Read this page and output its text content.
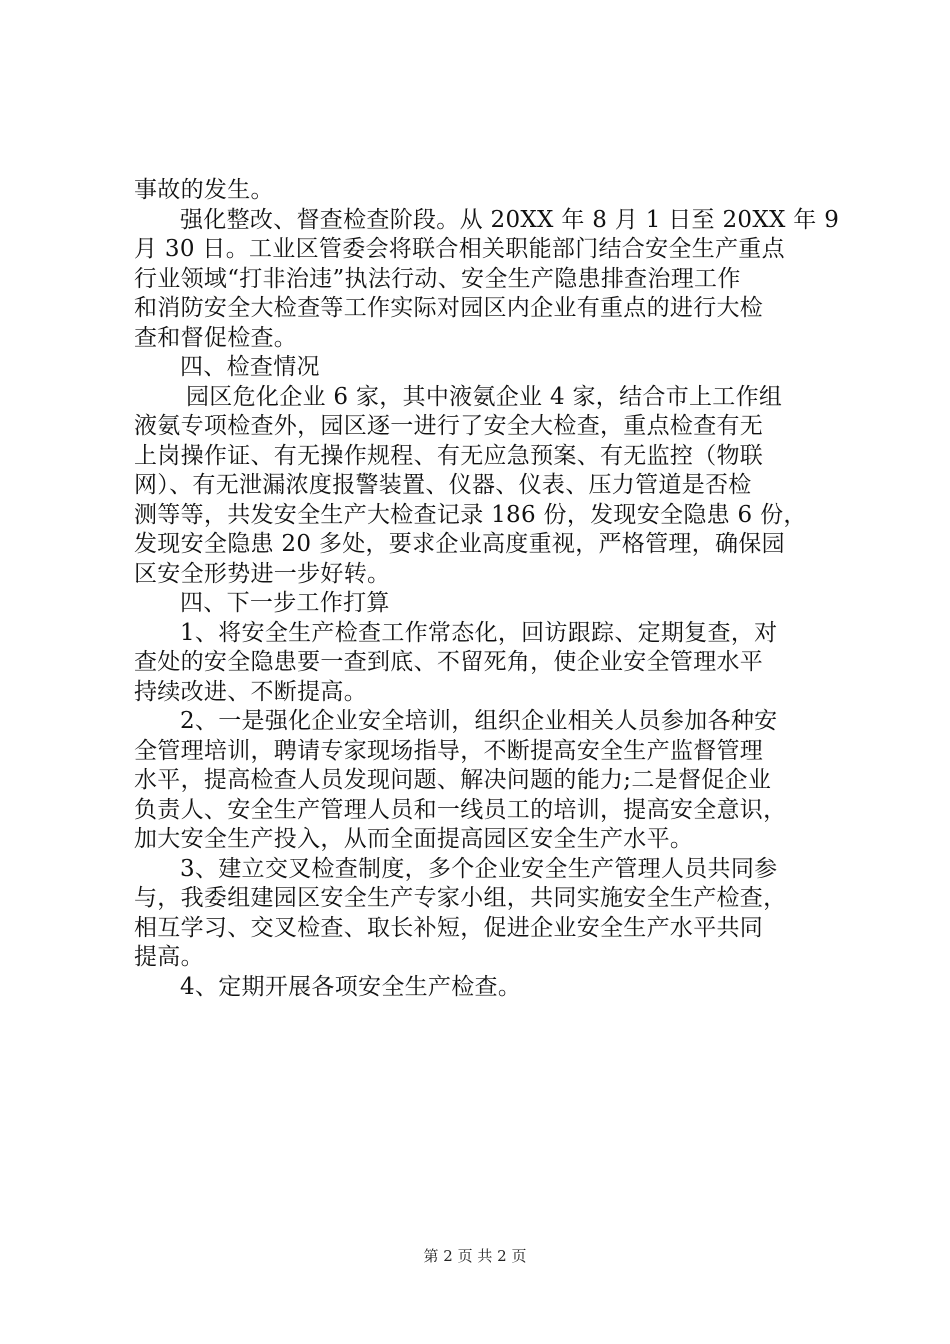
事故的发生。
强化整改、督查检查阶段。从 20XX 年 8 月 1 日至 20XX 年 9
月 30 日。工业区管委会将联合相关职能部门结合安全生产重点
行业领域“打非治违”执法行动、安全生产隐患排查治理工作
和消防安全大检查等工作实际对园区内企业有重点的进行大检
查和督促检查。
四、检查情况
园区危化企业 6 家，其中液氨企业 4 家，结合市上工作组
液氨专项检查外，园区逐一进行了安全大检查，重点检查有无
上岗操作证、有无操作规程、有无应急预案、有无监控（物联
网）、有无泄漏浓度报警装置、仪器、仪表、压力管道是否检
测等等，共发安全生产大检查记录 186 份，发现安全隐患 6 份，
发现安全隐患 20 多处，要求企业高度重视，严格管理，确保园
区安全形势进一步好转。
四、下一步工作打算
1、将安全生产检查工作常态化，回访跟踪、定期复查，对
查处的安全隐患要一查到底、不留死角，使企业安全管理水平
持续改进、不断提高。
2、一是强化企业安全培训，组织企业相关人员参加各种安
全管理培训，聘请专家现场指导，不断提高安全生产监督管理
水平，提高检查人员发现问题、解决问题的能力;二是督促企业
负责人、安全生产管理人员和一线员工的培训，提高安全意识，
加大安全生产投入，从而全面提高园区安全生产水平。
3、建立交叉检查制度，多个企业安全生产管理人员共同参
与，我委组建园区安全生产专家小组，共同实施安全生产检查，
相互学习、交叉检查、取长补短，促进企业安全生产水平共同
提高。
4、定期开展各项安全生产检查。
第 2 页 共 2 页
